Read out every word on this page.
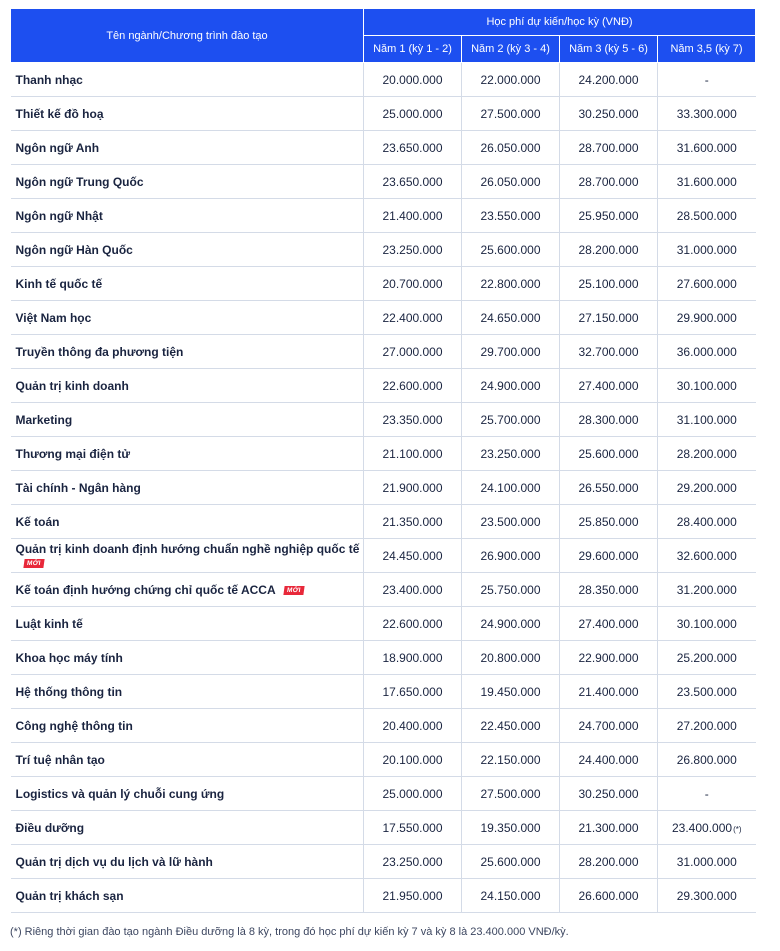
Tên ngành/Chương trình đào tạo	Học phí dự kiến/học kỳ (VNĐ)			
	Năm 1 (kỳ 1 - 2)	Năm 2 (kỳ 3 - 4)	Năm 3 (kỳ 5 - 6)	Năm 3,5 (kỳ 7)
Thanh nhạc	20.000.000	22.000.000	24.200.000	-
Thiết kế đồ hoạ	25.000.000	27.500.000	30.250.000	33.300.000
Ngôn ngữ Anh	23.650.000	26.050.000	28.700.000	31.600.000
Ngôn ngữ Trung Quốc	23.650.000	26.050.000	28.700.000	31.600.000
Ngôn ngữ Nhật	21.400.000	23.550.000	25.950.000	28.500.000
Ngôn ngữ Hàn Quốc	23.250.000	25.600.000	28.200.000	31.000.000
Kinh tế quốc tế	20.700.000	22.800.000	25.100.000	27.600.000
Việt Nam học	22.400.000	24.650.000	27.150.000	29.900.000
Truyền thông đa phương tiện	27.000.000	29.700.000	32.700.000	36.000.000
Quản trị kinh doanh	22.600.000	24.900.000	27.400.000	30.100.000
Marketing	23.350.000	25.700.000	28.300.000	31.100.000
Thương mại điện tử	21.100.000	23.250.000	25.600.000	28.200.000
Tài chính - Ngân hàng	21.900.000	24.100.000	26.550.000	29.200.000
Kế toán	21.350.000	23.500.000	25.850.000	28.400.000
Quản trị kinh doanh định hướng chuẩn nghề nghiệp quốc tếMỚI	24.450.000	26.900.000	29.600.000	32.600.000
Kế toán định hướng chứng chỉ quốc tế ACCA MỚI	23.400.000	25.750.000	28.350.000	31.200.000
Luật kinh tế	22.600.000	24.900.000	27.400.000	30.100.000
Khoa học máy tính	18.900.000	20.800.000	22.900.000	25.200.000
Hệ thống thông tin	17.650.000	19.450.000	21.400.000	23.500.000
Công nghệ thông tin	20.400.000	22.450.000	24.700.000	27.200.000
Trí tuệ nhân tạo	20.100.000	22.150.000	24.400.000	26.800.000
Logistics và quản lý chuỗi cung ứng	25.000.000	27.500.000	30.250.000	-
Điều dưỡng	17.550.000	19.350.000	21.300.000	23.400.000(*)
Quản trị dịch vụ du lịch và lữ hành	23.250.000	25.600.000	28.200.000	31.000.000
Quản trị khách sạn	21.950.000	24.150.000	26.600.000	29.300.000
(*) Riêng thời gian đào tạo ngành Điều dưỡng là 8 kỳ, trong đó học phí dự kiến kỳ 7 và kỳ 8 là 23.400.000 VNĐ/kỳ.
